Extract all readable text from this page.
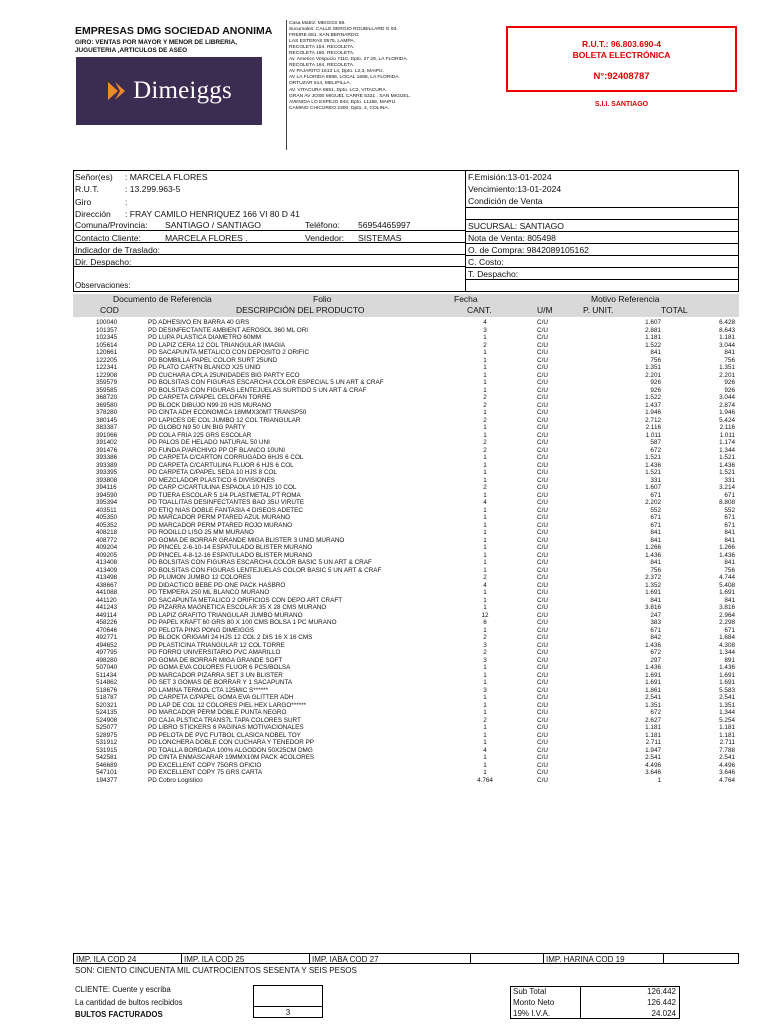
EMPRESAS DMG SOCIEDAD ANONIMA
GIRO: VENTAS POR MAYOR Y MENOR DE LIBRERIA,
JUGUETERIA ,ARTICULOS DE ASEO
Dimeiggs
Casa Matriz: MEIGGS 58.
Sucursales: CALLE SERGIO ROUBILLARD G 93.
FREIRE 681. SAN BERNARDO.
LAS ESTERAS 0575, LAMPA.
RECOLETA 154. RECOLETA.
RECOLETA 160. RECOLETA.
Av. Americo Vespucio 7110, Dpto. 27 29, LA FLORIDA.
RECOLETA 164. RECOLETA.
AV PAJARITO 1613 L4, Dpto. L2,3, MAIPU.
AV LA FLORIDA 8988, LOCAL 1698, LA FLORIDA.
ORTUZAR 614, MELIPILLA.
AV. VITACURA 8651, Dpto. LC2, VITACURA.
GRAN AV JOSE MIGUEL CARRE 5321 , SAN MIGUEL.
AVENIDA LO ESPEJO 943, Dpto. L1168, MAIPU.
CAMINO CHICUREO 2300, Dpto. 4, COLINA.
R.U.T.: 96.803.690-4
BOLETA ELECTRÓNICA
N°:92408787
S.I.I. SANTIAGO
Señor(es) : MARCELA FLORES
R.U.T.	: 13.299.963-5
Giro	:
Dirección : FRAY CAMILO HENRIQUEZ 166 VI 80 D 41
Comuna/Provincia: SANTIAGO / SANTIAGO	Teléfono: 56954465997
Contacto Cliente:	MARCELA FLORES .	Vendedor: SISTEMAS
Indicador de Traslado:
Dir. Despacho:
F.Emisión:13-01-2024
Vencimiento:13-01-2024
Condición de Venta
SUCURSAL: SANTIAGO
Nota de Venta: 805498
O. de Compra: 9842089105162
C. Costo:
T. Despacho:
Observaciones:
Documento de Referencia	Folio	Fecha	Motivo Referencia
COD	DESCRIPCIÓN DEL PRODUCTO	CANT.	U/M	P. UNIT.	TOTAL
100040	PD ADHESIVO EN BARRA 40 GRS	4	C/U	1.607	6.428
101357	PD DESINFECTANTE AMBIENT AEROSOL 360 ML ORI	3	C/U	2.881	8.643
102345	PD LUPA PLASTICA DIAMETRO 60MM	1	C/U	1.181	1.181
105614	PD LAPIZ CERA 12 COL TRIANGULAR IMAGIA	2	C/U	1.522	3.044
120661	PD SACAPUNTA METALICO CON DEPOSITO 2 ORIFIC	1	C/U	841	841
122205	PD BOMBILLA PAPEL COLOR SURT 25UND	1	C/U	756	756
122341	PD PLATO CARTN BLANCO X25 UNID	1	C/U	1.351	1.351
122908	PD CUCHARA CPLA 25UNIDADES BIG PARTY ECO	1	C/U	2.201	2.201
359579	PD BOLSITAS CON FIGURAS ESCARCHA COLOR ESPECIAL 5 UN ART & CRAF	1	C/U	926	926
359585	PD BOLSITAS CON FIGURAS LENTEJUELAS SURTIDO 5 UN ART & CRAF	1	C/U	926	926
368720	PD CARPETA C/PAPEL CELOFAN TORRE	2	C/U	1.522	3.044
369580	PD BLOCK DIBUJO N99 20 HJS MURANO	2	C/U	1.437	2.874
378280	PD CINTA ADH ECONOMICA 18MMX30MT TRANSP50	1	C/U	1.946	1.946
380145	PD LAPICES DE COL JUMBO 12 COL TRIANGULAR	2	C/U	2.712	5.424
383387	PD GLOBO N9 50 UN BIG PARTY	1	C/U	2.116	2.116
391066	PD COLA FRIA 225 GRS ESCOLAR	1	C/U	1.011	1.011
391402	PD PALOS DE HELADO NATURAL 50 UNI	2	C/U	587	1.174
391476	PD FUNDA P/ARCHIVO PP OF BLANCO 10UNI	2	C/U	672	1.344
393386	PD CARPETA C/CARTON CORRUGADO 6HJS 6 COL	1	C/U	1.521	1.521
393389	PD CARPETA C/CARTULINA FLUOR 6 HJS 6 COL	1	C/U	1.436	1.436
393395	PD CARPETA C/PAPEL SEDA 10 HJS 8 COL	1	C/U	1.521	1.521
393808	PD MEZCLADOR PLASTICO 6 DIVISIONES	1	C/U	331	331
394116	PD CARP C/CARTULINA ESPAOLA 10 HJS 10 COL	2	C/U	1.607	3.214
394590	PD TIJERA ESCOLAR 5 1/4 PLASTMETAL PT ROMA	1	C/U	671	671
395394	PD TOALLITAS DESINFECTANTES BAO 35U VIRUTE	4	C/U	2.202	8.808
403511	PD ETIQ NIAS DOBLE FANTASIA 4 DISEOS ADETEC	1	C/U	552	552
405350	PD MARCADOR PERM PTARED AZUL MURANO	1	C/U	671	671
405352	PD MARCADOR PERM PTARED ROJO MURANO	1	C/U	671	671
408218	PD RODILLO LISO 25 MM MURANO	1	C/U	841	841
408772	PD GOMA DE BORRAR GRANDE MIGA BLISTER 3 UNID MURANO	1	C/U	841	841
409204	PD PINCEL 2-6-10-14 ESPATULADO BLISTER MURANO	1	C/U	1.266	1.266
409205	PD PINCEL 4-8-12-16 ESPATULADO BLISTER MURANO	1	C/U	1.436	1.436
413408	PD BOLSITAS CON FIGURAS ESCARCHA COLOR BASIC 5 UN ART & CRAF	1	C/U	841	841
413409	PD BOLSITAS CON FIGURAS LENTEJUELAS COLOR BASIC 5 UN ART & CRAF	1	C/U	756	756
413498	PD PLUMON JUMBO 12 COLORES	2	C/U	2.372	4.744
438667	PD DIDACTICO BEBE PD ONE PACK HASBRO	4	C/U	1.352	5.408
441088	PD TEMPERA 250 ML BLANCO MURANO	1	C/U	1.691	1.691
441120	PD SACAPUNTA METALICO 2 ORIFICIOS CON DEPO ART CRAFT	1	C/U	841	841
441243	PD PIZARRA MAGNETICA ESCOLAR 35 X 28 CMS MURANO	1	C/U	3.816	3.816
449114	PD LAPIZ GRAFITO TRIANGULAR JUMBO MURANO	12	C/U	247	2.964
458226	PD PAPEL KRAFT 60 GRS 80 X 100 CMS BOLSA 1 PC MURANO	6	C/U	383	2.298
470646	PD PELOTA PING PONG DIMEIGGS	1	C/U	671	671
492771	PD BLOCK ORIGAMI 24 HJS 12 COL 2 DIS 16 X 16 CMS	2	C/U	842	1.684
494652	PD PLASTICINA TRIANGULAR 12 COL TORRE	3	C/U	1.436	4.308
497795	PD FORRO UNIVERSITARIO PVC AMARILLO	2	C/U	672	1.344
498280	PD GOMA DE BORRAR MIGA GRANDE SOFT	3	C/U	297	891
507040	PD GOMA EVA COLORES FLUOR 6 PCS/BOLSA	1	C/U	1.436	1.436
511434	PD MARCADOR PIZARRA SET 3 UN BLISTER	1	C/U	1.691	1.691
514862	PD SET 3 GOMAS DE BORRAR Y 1 SACAPUNTA	1	C/U	1.691	1.691
518676	PD LAMINA TERMOL CTA 125MIC S******	3	C/U	1.861	5.583
518787	PD CARPETA C/PAPEL GOMA EVA GLITTER ADH	1	C/U	2.541	2.541
520321	PD LAP DE COL 12 COLORES PIEL HEX LARGO******	1	C/U	1.351	1.351
524135	PD MARCADOR PERM DOBLE PUNTA NEGRO	1	C/U	672	1.344
524908	PD CAJA PLSTICA TRANS7L TAPA COLORES SURT	2	C/U	2.627	5.254
525077	PD LIBRO STICKERS 6 PAGINAS MOTIVACIONALES	1	C/U	1.181	1.181
528975	PD PELOTA DE PVC FUTBOL CLASICA NOBEL TOY	1	C/U	1.181	1.181
531912	PD LONCHERA DOBLE CON CUCHARA Y TENEDOR PP	1	C/U	2.711	2.711
531915	PD TOALLA BORDADA 100% ALGODON 50X25CM DMG	4	C/U	1.947	7.788
542581	PD CINTA ENMASCARAR 19MMX10M PACK 4COLORES	1	C/U	2.541	2.541
546689	PD EXCELLENT COPY 75GRS OFICIO	1	C/U	4.496	4.496
547101	PD EXCELLENT COPY 75 GRS CARTA	1	C/U	3.646	3.646
194377	PD Cobro Logistico	4.764	C/U	1	4.764
IMP. ILA COD 24	IMP. ILA COD 25	IMP. IABA COD 27	IMP. HARINA COD 19
SON: CIENTO CINCUENTA MIL CUATROCIENTOS SESENTA Y SEIS PESOS
CLIENTE: Cuente y escriba
La cantidad de bultos recibidos
BULTOS FACTURADOS	3
Sub Total	126.442
Monto Neto	126.442
19% I.V.A.	24.024
